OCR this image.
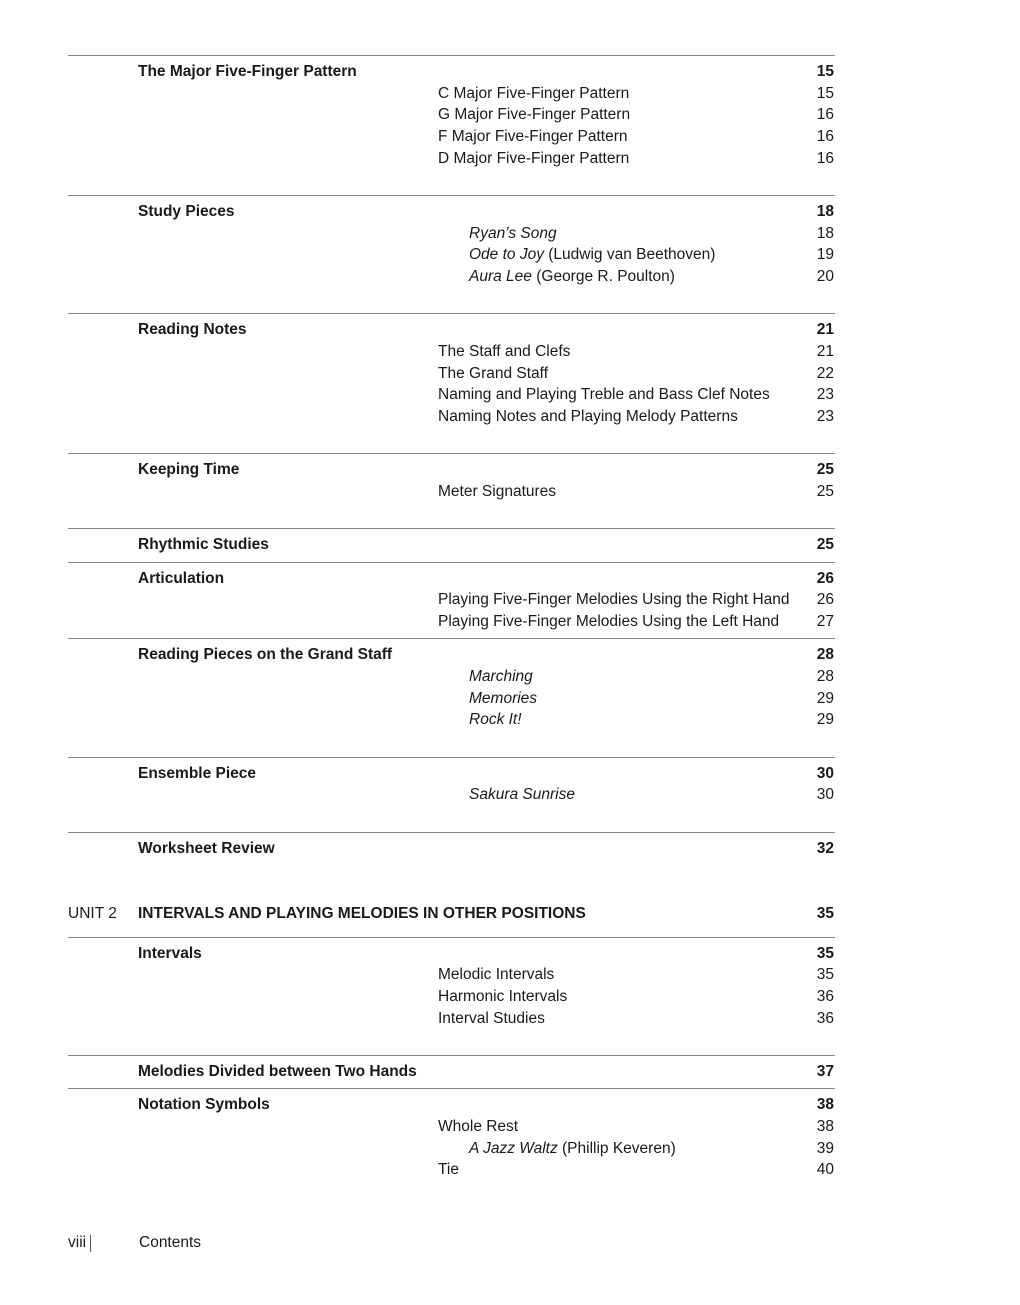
The Major Five-Finger Pattern	15
C Major Five-Finger Pattern	15
G Major Five-Finger Pattern	16
F Major Five-Finger Pattern	16
D Major Five-Finger Pattern	16
Study Pieces	18
Ryan’s Song	18
Ode to Joy (Ludwig van Beethoven)	19
Aura Lee (George R. Poulton)	20
Reading Notes	21
The Staff and Clefs	21
The Grand Staff	22
Naming and Playing Treble and Bass Clef Notes	23
Naming Notes and Playing Melody Patterns	23
Keeping Time	25
Meter Signatures	25
Rhythmic Studies	25
Articulation	26
Playing Five-Finger Melodies Using the Right Hand 26
Playing Five-Finger Melodies Using the Left Hand 27
Reading Pieces on the Grand Staff	28
Marching	28
Memories	29
Rock It!	29
Ensemble Piece	30
Sakura Sunrise	30
Worksheet Review	32
UNIT 2 INTERVALS AND PLAYING MELODIES IN OTHER POSITIONS	35
Intervals	35
Melodic Intervals	35
Harmonic Intervals	36
Interval Studies	36
Melodies Divided between Two Hands	37
Notation Symbols	38
Whole Rest	38
A Jazz Waltz (Phillip Keveren)	39
Tie	40
viii	Contents
